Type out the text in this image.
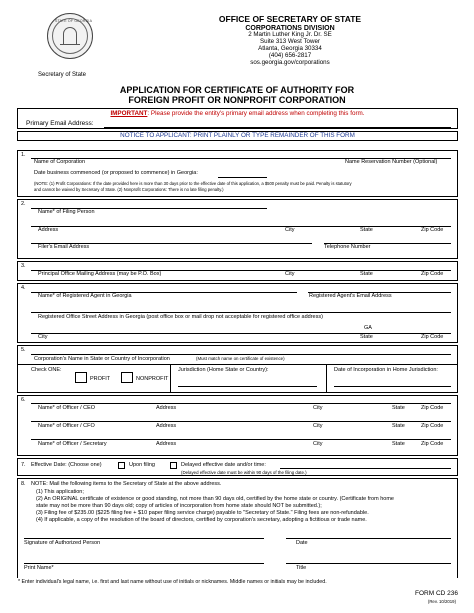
STATE OF GEORGIA
Secretary of State
OFFICE OF SECRETARY OF STATE
CORPORATIONS DIVISION
2 Martin Luther King Jr. Dr. SE
Suite 313 West Tower
Atlanta, Georgia 30334
(404) 656-2817
sos.georgia.gov/corporations
APPLICATION FOR CERTIFICATE OF AUTHORITY FOR
FOREIGN PROFIT OR NONPROFIT CORPORATION
IMPORTANT: Please provide the entity's primary email address when completing this form.
Primary Email Address:
NOTICE TO APPLICANT: PRINT PLAINLY OR TYPE REMAINDER OF THIS FORM
1.
Name of Corporation	Name Reservation Number (Optional)
Date business commenced (or proposed to commence) in Georgia:
(NOTE: (1) Profit Corporations: If the date provided here is more than 30 days prior to the effective date of this application, a $500 penalty must be paid. Penalty is statutory
and cannot be waived by Secretary of State. (2) Nonprofit Corporations: There is no late filing penalty.)
2.
Name* of Filing Person
Address	City	State	Zip Code
Filer's Email Address	Telephone Number
3.
Principal Office Mailing Address (may be P.O. Box)	City	State	Zip Code
4.
Name* of Registered Agent in Georgia	Registered Agent's Email Address
Registered Office Street Address in Georgia (post office box or mail drop not acceptable for registered office address)
GA
City	State	Zip Code
5.
Corporation's Name in State or Country of Incorporation	(Must match name on certificate of existence)
Check ONE:
PROFIT	NONPROFIT
Jurisdiction (Home State or Country):	Date of Incorporation in Home Jurisdiction:
6.
Name* of Officer / CEO	Address	City	State	Zip Code
Name* of Officer / CFO	Address	City	State	Zip Code
Name* of Officer / Secretary	Address	City	State	Zip Code
7. Effective Date: (Choose one)	Upon filing	Delayed effective date and/or time:
(Delayed effective date must be within 90 days of the filing date.)
8. NOTE: Mail the following items to the Secretary of State at the above address.
(1) This application;
(2) An ORIGINAL certificate of existence or good standing, not more than 90 days old, certified by the home state or country. (Certificate from home
state may not be more than 90 days old; copy of articles of incorporation from home state should NOT be submitted.);
(3) Filing fee of $235.00 ($225 filing fee + $10 paper filing service charge) payable to "Secretary of State." Filing fees are non-refundable.
(4) If applicable, a copy of the resolution of the board of directors, certified by corporation's secretary, adopting a fictitious or trade name.
Signature of Authorized Person	Date
Print Name*	Title
* Enter individual's legal name, i.e. first and last name without use of initials or nicknames. Middle names or initials may be included.
FORM CD 236
(Rev. 10/2019)
